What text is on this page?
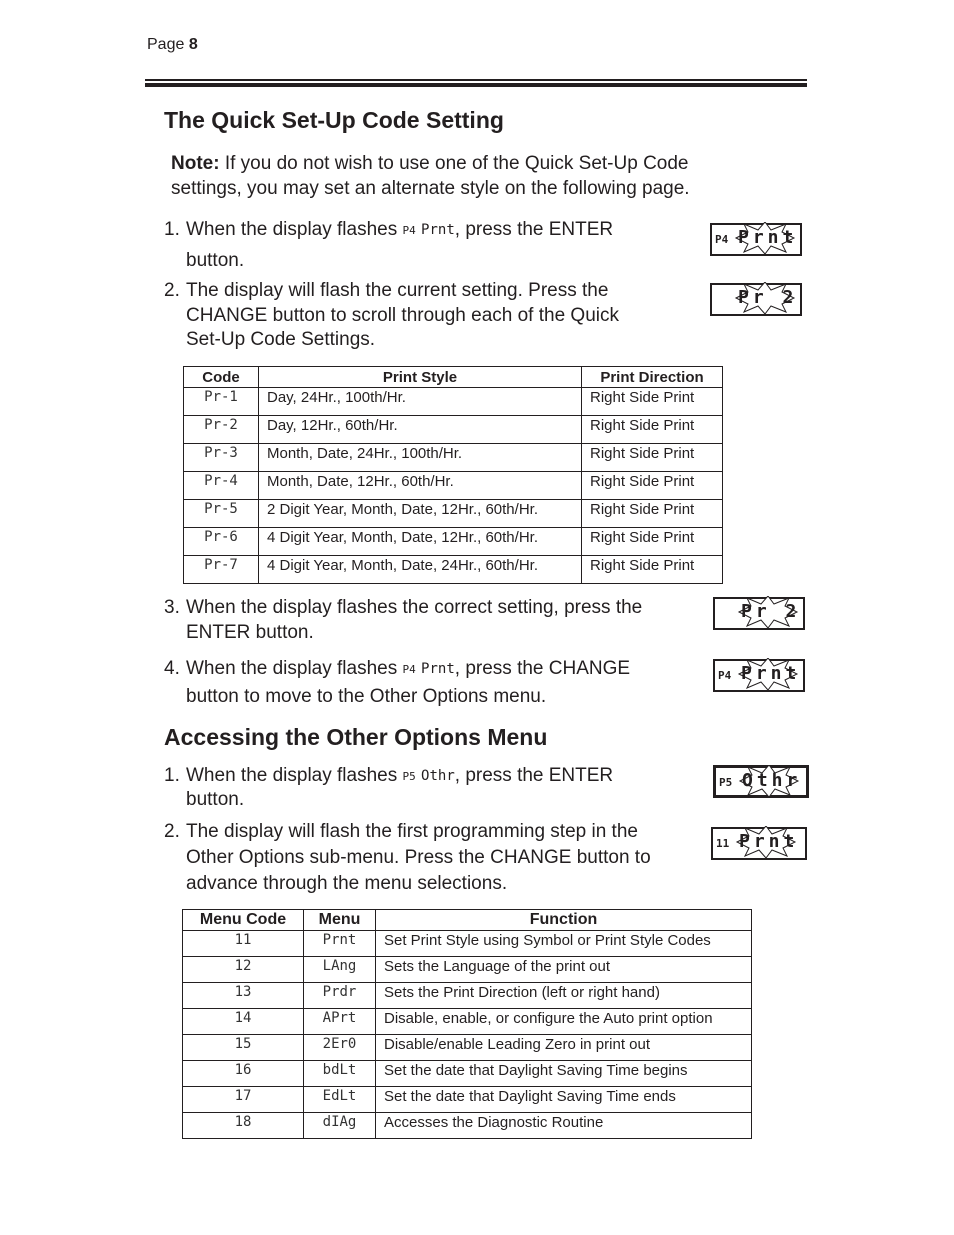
Page 8
The Quick Set-Up Code Setting
Note: If you do not wish to use one of the Quick Set-Up Code
settings, you may set an alternate style on the following page.
1. When the display flashes P4 Prnt, press the ENTER
button.
2. The display will flash the current setting. Press the
CHANGE button to scroll through each of the Quick
Set-Up Code Settings.
Code	Print Style	Print Direction
Pr-1	Day, 24Hr., 100th/Hr.	Right Side Print
Pr-2	Day, 12Hr., 60th/Hr.	Right Side Print
Pr-3	Month, Date, 24Hr., 100th/Hr.	Right Side Print
Pr-4	Month, Date, 12Hr., 60th/Hr.	Right Side Print
Pr-5	2 Digit Year, Month, Date, 12Hr., 60th/Hr.	Right Side Print
Pr-6	4 Digit Year, Month, Date, 12Hr., 60th/Hr.	Right Side Print
Pr-7	4 Digit Year, Month, Date, 24Hr., 60th/Hr.	Right Side Print
3. When the display flashes the correct setting, press the
ENTER button.
4. When the display flashes P4 Prnt, press the CHANGE
button to move to the Other Options menu.
Accessing the Other Options Menu
1. When the display flashes P5 Othr, press the ENTER
button.
2. The display will flash the first programming step in the
Other Options sub-menu. Press the CHANGE button to
advance through the menu selections.
Menu Code	Menu	Function
11	Prnt	Set Print Style using Symbol or Print Style Codes
12	LAng	Sets the Language of the print out
13	Prdr	Sets the Print Direction (left or right hand)
14	APrt	Disable, enable, or configure the Auto print option
15	2Er0	Disable/enable Leading Zero in print out
16	bdLt	Set the date that Daylight Saving Time begins
17	EdLt	Set the date that Daylight Saving Time ends
18	dIAg	Accesses the Diagnostic Routine
P4 Prnt
Pr 2
Pr 2
P4 Prnt
P5 Othr
11 Prnt
